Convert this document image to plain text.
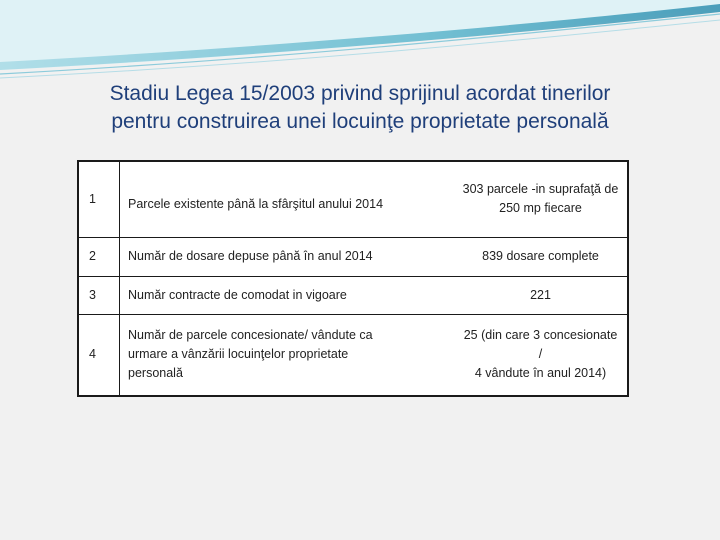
Stadiu Legea 15/2003 privind sprijinul acordat tinerilor
pentru construirea unei locuinţe proprietate personală
1	Parcele existente până la sfârşitul anului 2014	303 parcele -in suprafaţă de
250 mp fiecare

2	Număr de dosare depuse până în anul 2014	839 dosare complete

3	Număr contracte de comodat in vigoare	221

4	Număr de parcele concesionate/ vândute ca
urmare a vânzării locuinţelor proprietate
personală	25 (din care 3 concesionate /
4 vândute în anul 2014)
